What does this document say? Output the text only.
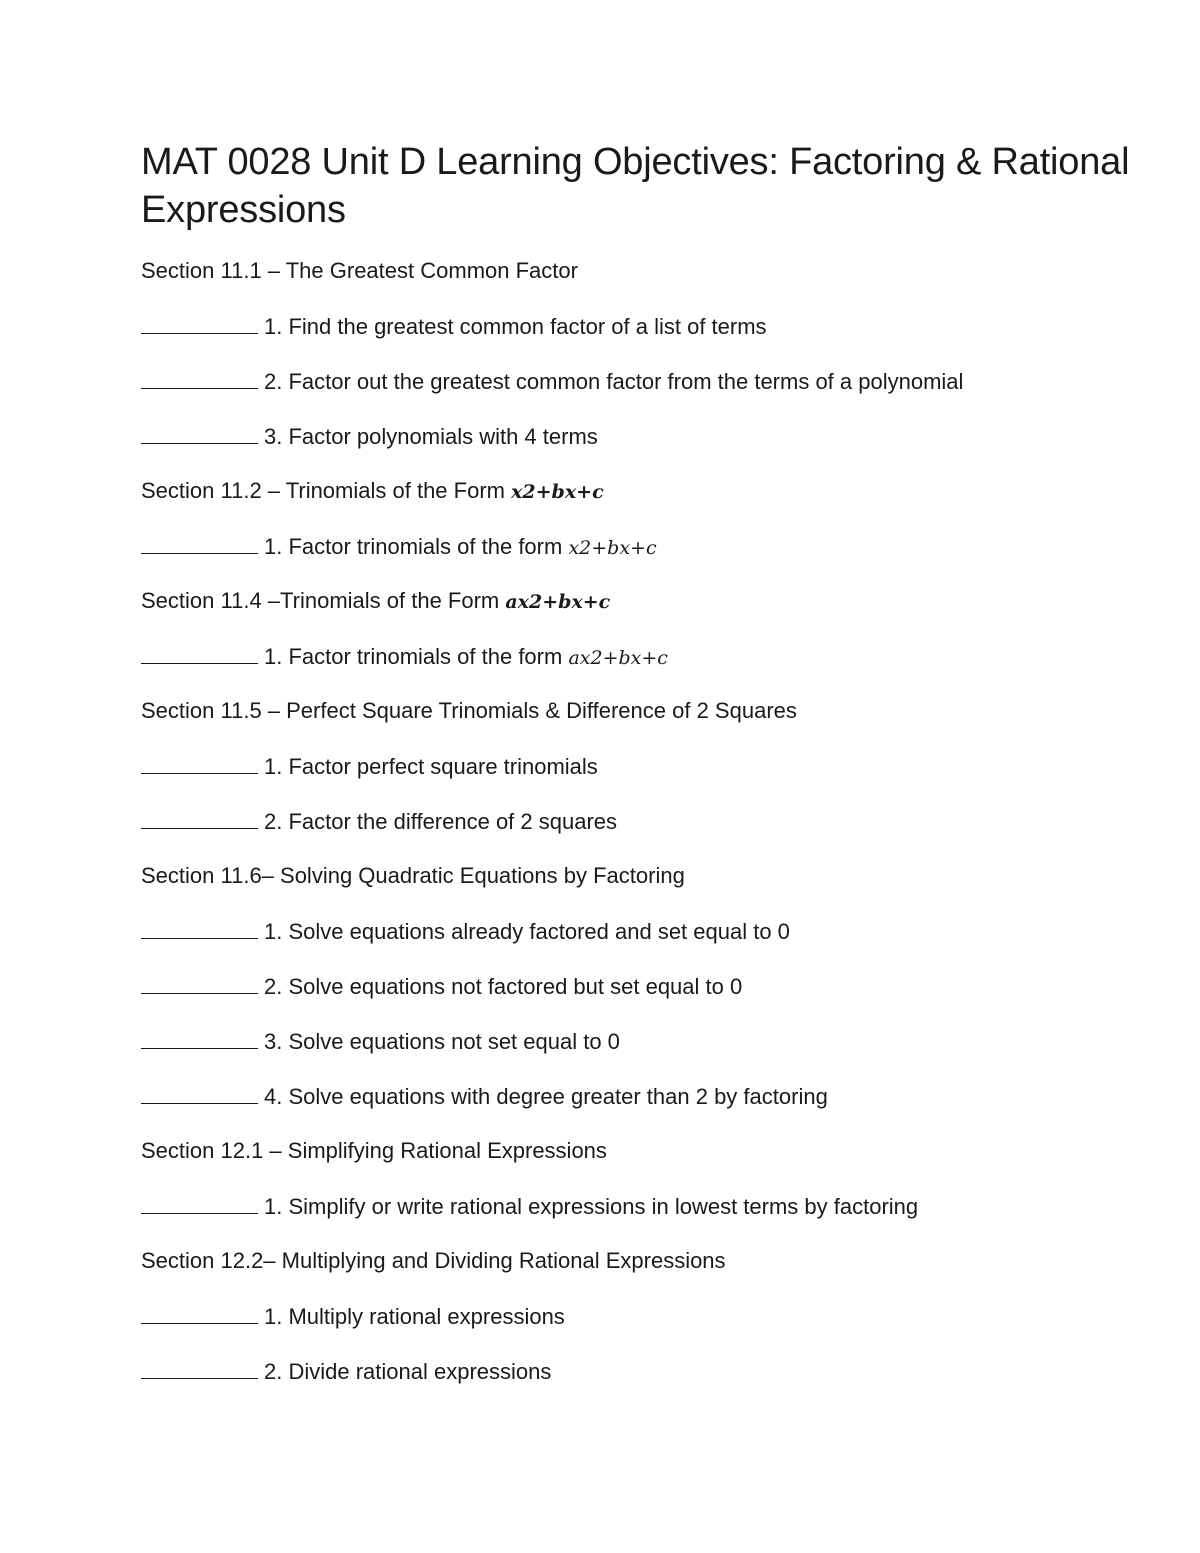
MAT 0028 Unit D Learning Objectives: Factoring & Rational Expressions
Section 11.1 – The Greatest Common Factor
1. Find the greatest common factor of a list of terms
2. Factor out the greatest common factor from the terms of a polynomial
3. Factor polynomials with 4 terms
Section 11.2 – Trinomials of the Form x2+bx+c
1. Factor trinomials of the form x2+bx+c
Section 11.4 –Trinomials of the Form ax2+bx+c
1. Factor trinomials of the form ax2+bx+c
Section 11.5 – Perfect Square Trinomials & Difference of 2 Squares
1. Factor perfect square trinomials
2. Factor the difference of 2 squares
Section 11.6– Solving Quadratic Equations by Factoring
1. Solve equations already factored and set equal to 0
2. Solve equations not factored but set equal to 0
3. Solve equations not set equal to 0
4. Solve equations with degree greater than 2 by factoring
Section 12.1 – Simplifying Rational Expressions
1. Simplify or write rational expressions in lowest terms by factoring
Section 12.2– Multiplying and Dividing Rational Expressions
1. Multiply rational expressions
2. Divide rational expressions
